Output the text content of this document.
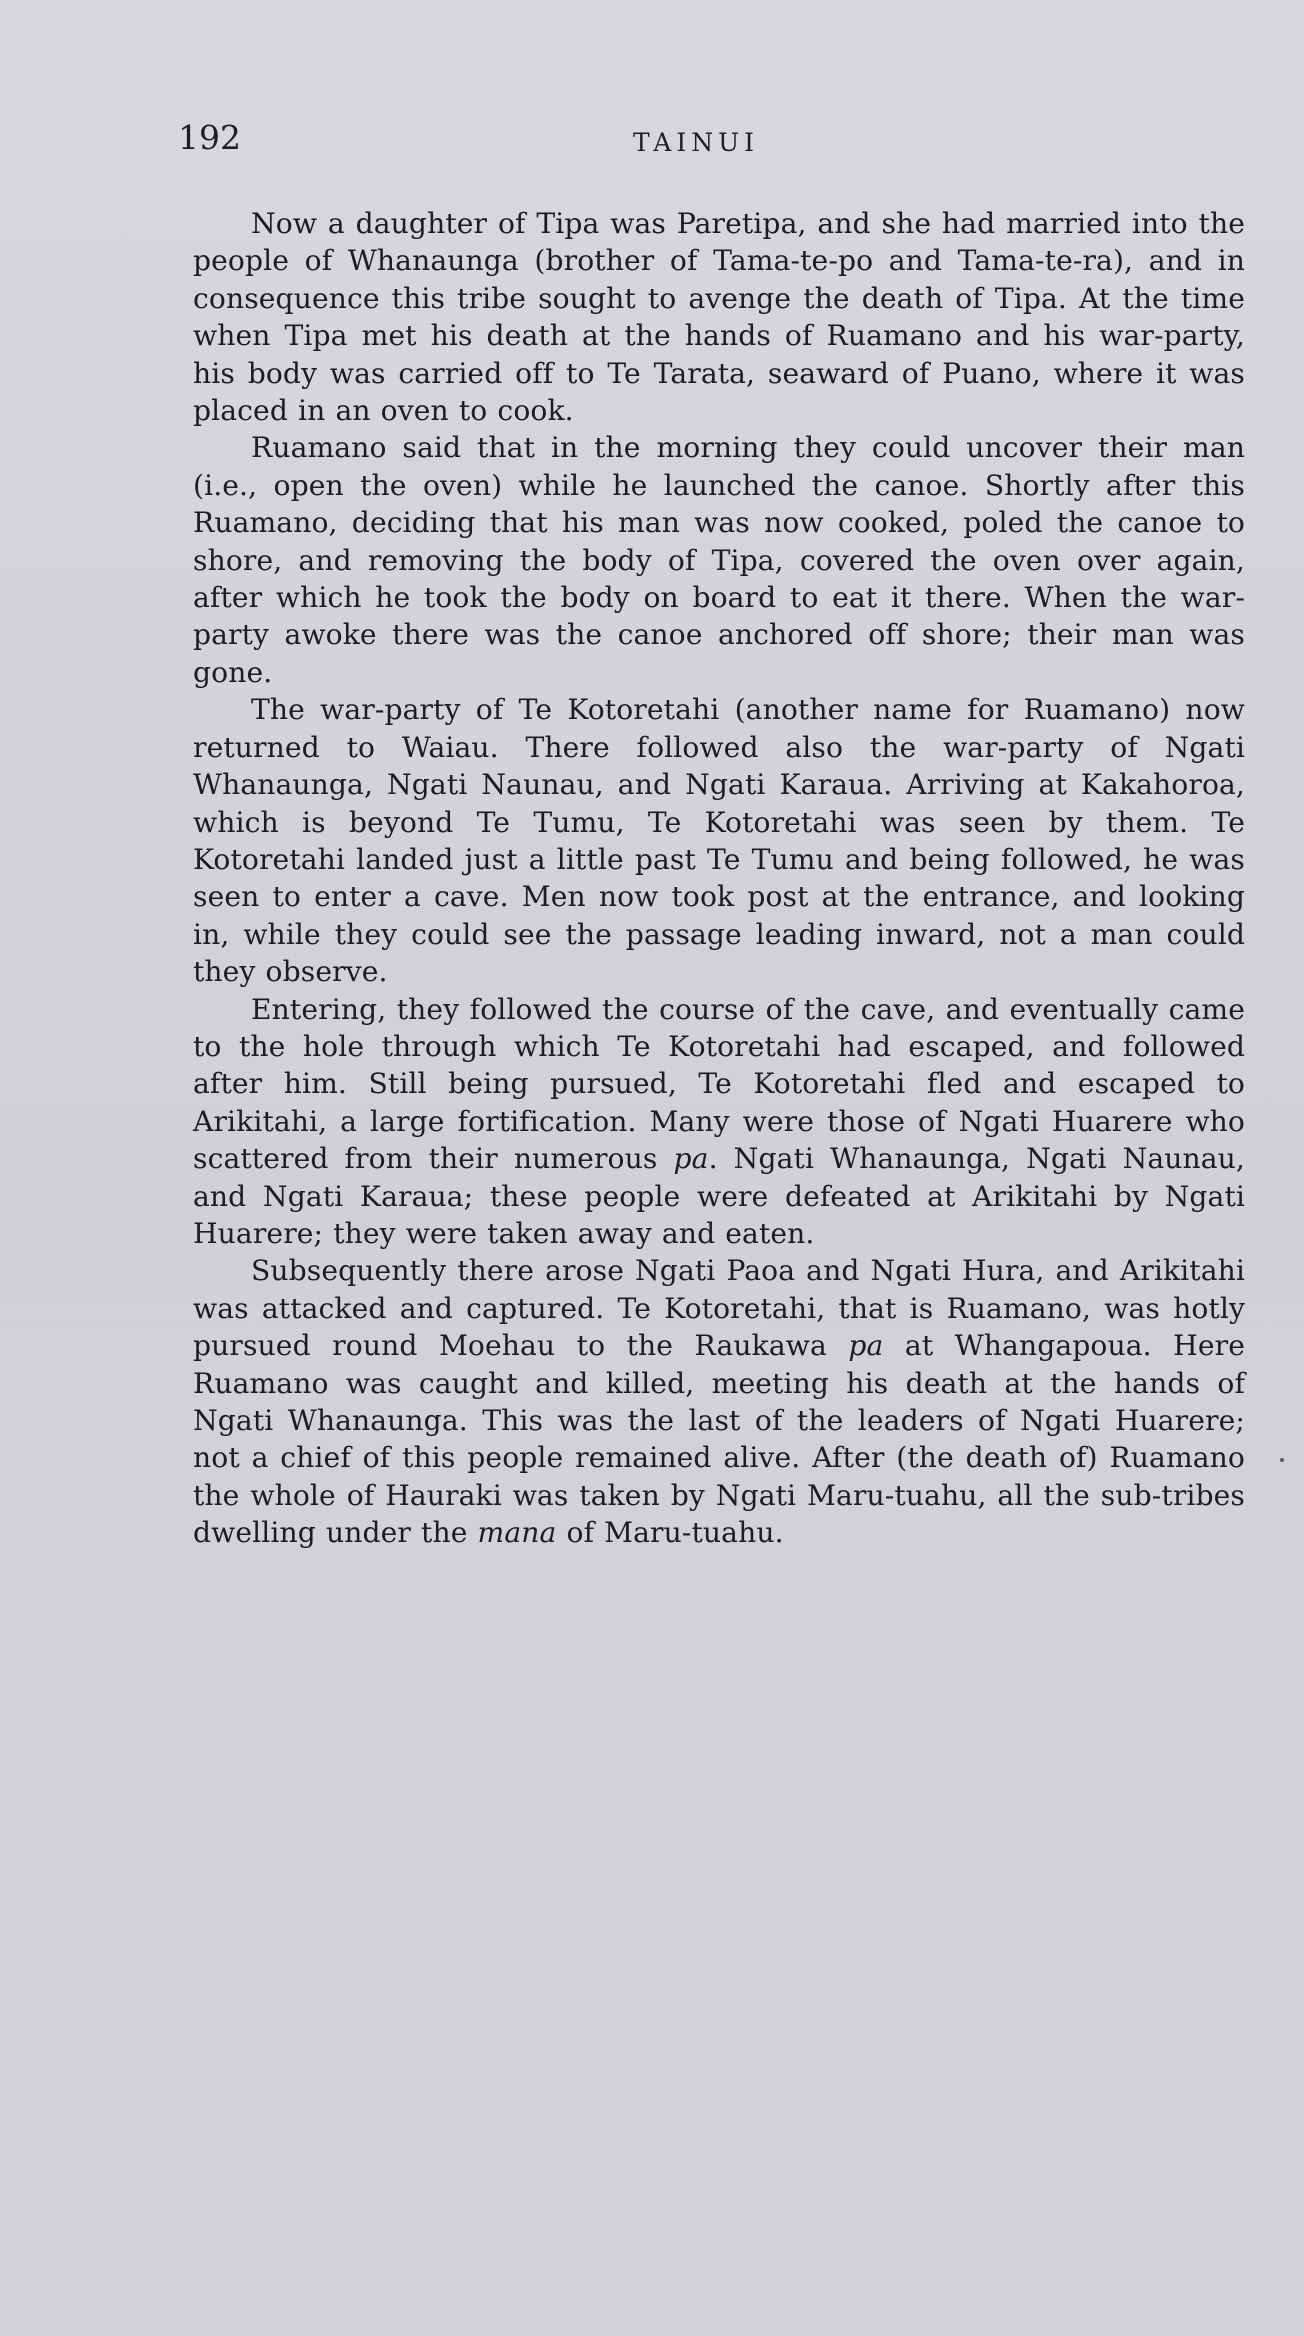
192	TAINUI

Now a daughter of Tipa was Paretipa, and she had married into the people of Whanaunga (brother of Tama-te-po and Tama-te-ra), and in consequence this tribe sought to avenge the death of Tipa. At the time when Tipa met his death at the hands of Ruamano and his war-party, his body was carried off to Te Tarata, seaward of Puano, where it was placed in an oven to cook.

Ruamano said that in the morning they could uncover their man (i.e., open the oven) while he launched the canoe. Shortly after this Ruamano, deciding that his man was now cooked, poled the canoe to shore, and removing the body of Tipa, covered the oven over again, after which he took the body on board to eat it there. When the war-party awoke there was the canoe anchored off shore; their man was gone.

The war-party of Te Kotoretahi (another name for Ruamano) now returned to Waiau. There followed also the war-party of Ngati Whanaunga, Ngati Naunau, and Ngati Karaua. Arriving at Kakahoroa, which is beyond Te Tumu, Te Kotoretahi was seen by them. Te Kotoretahi landed just a little past Te Tumu and being followed, he was seen to enter a cave. Men now took post at the entrance, and looking in, while they could see the passage leading inward, not a man could they observe.

Entering, they followed the course of the cave, and eventually came to the hole through which Te Kotoretahi had escaped, and followed after him. Still being pursued, Te Kotoretahi fled and escaped to Arikitahi, a large fortification. Many were those of Ngati Huarere who scattered from their numerous pa. Ngati Whanaunga, Ngati Naunau, and Ngati Karaua; these people were defeated at Arikitahi by Ngati Huarere; they were taken away and eaten.

Subsequently there arose Ngati Paoa and Ngati Hura, and Arikitahi was attacked and captured. Te Kotoretahi, that is Ruamano, was hotly pursued round Moehau to the Raukawa pa at Whangapoua. Here Ruamano was caught and killed, meeting his death at the hands of Ngati Whanaunga. This was the last of the leaders of Ngati Huarere; not a chief of this people remained alive. After (the death of) Ruamano the whole of Hauraki was taken by Ngati Maru-tuahu, all the sub-tribes dwelling under the mana of Maru-tuahu.
